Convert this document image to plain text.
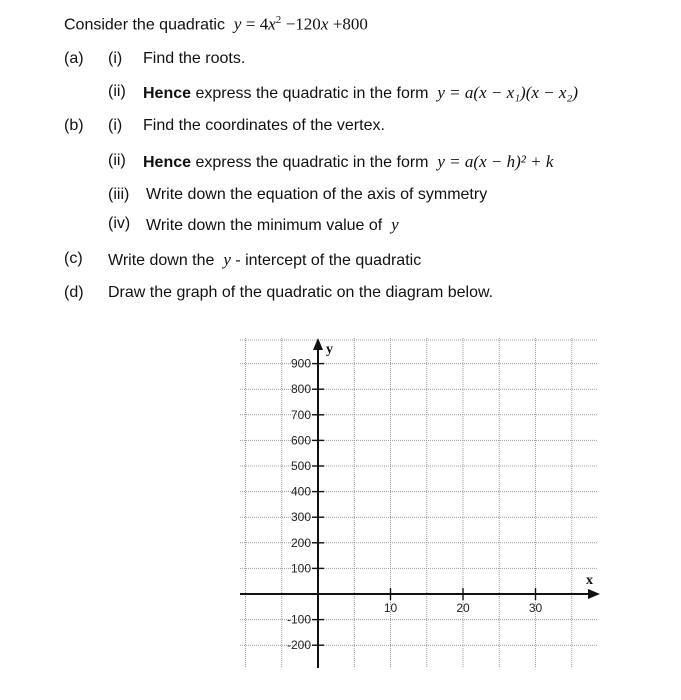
Consider the quadratic $y = 4x^2 -120x +800$
(a) (i) Find the roots.
(ii) Hence express the quadratic in the form y = a(x − x₁)(x − x₂)
(b) (i) Find the coordinates of the vertex.
(ii) Hence express the quadratic in the form y = a(x − h)² + k
(iii) Write down the equation of the axis of symmetry
(iv) Write down the minimum value of y
(c) Write down the y - intercept of the quadratic
(d) Draw the graph of the quadratic on the diagram below.
900
800
700
600
500
400
300
200
100
-100
-200
10	20	30
y
x
